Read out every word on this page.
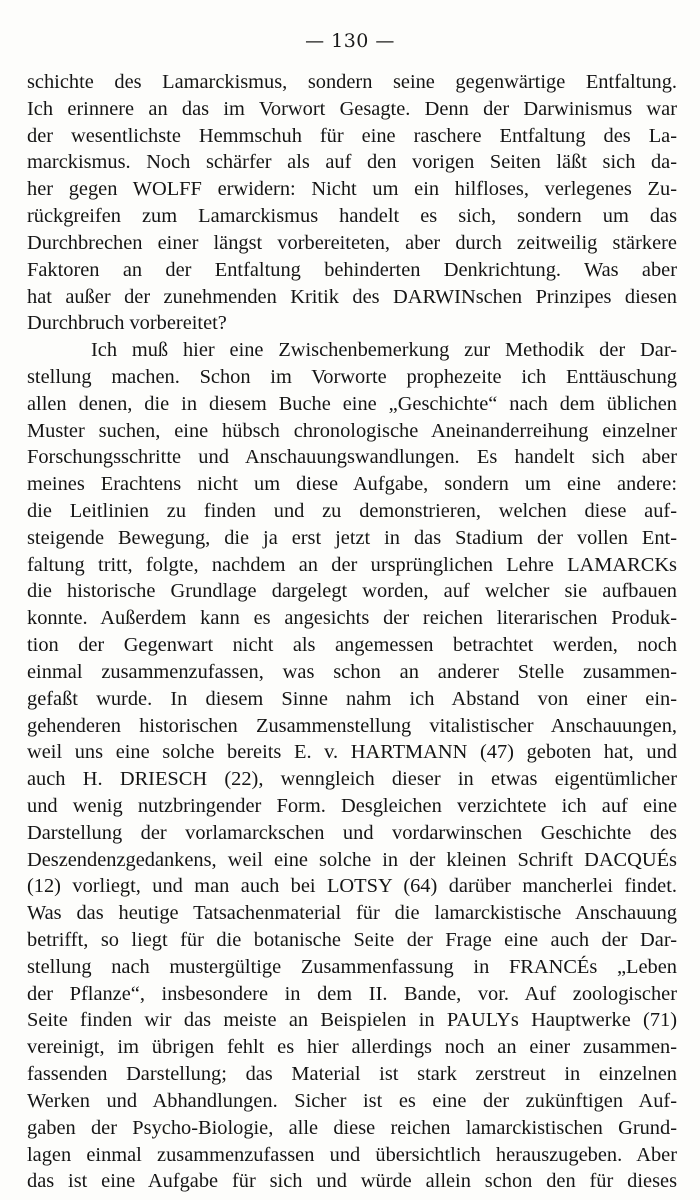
— 130 —
schichte des Lamarckismus, sondern seine gegenwärtige Entfaltung.
Ich erinnere an das im Vorwort Gesagte. Denn der Darwinismus war
der wesentlichste Hemmschuh für eine raschere Entfaltung des La-
marckismus. Noch schärfer als auf den vorigen Seiten läßt sich da-
her gegen WOLFF erwidern: Nicht um ein hilfloses, verlegenes Zu-
rückgreifen zum Lamarckismus handelt es sich, sondern um das
Durchbrechen einer längst vorbereiteten, aber durch zeitweilig stärkere
Faktoren an der Entfaltung behinderten Denkrichtung. Was aber
hat außer der zunehmenden Kritik des DARWINschen Prinzipes diesen
Durchbruch vorbereitet?
Ich muß hier eine Zwischenbemerkung zur Methodik der Dar-
stellung machen. Schon im Vorworte prophezeite ich Enttäuschung
allen denen, die in diesem Buche eine „Geschichte“ nach dem üblichen
Muster suchen, eine hübsch chronologische Aneinanderreihung einzelner
Forschungsschritte und Anschauungswandlungen. Es handelt sich aber
meines Erachtens nicht um diese Aufgabe, sondern um eine andere:
die Leitlinien zu finden und zu demonstrieren, welchen diese auf-
steigende Bewegung, die ja erst jetzt in das Stadium der vollen Ent-
faltung tritt, folgte, nachdem an der ursprünglichen Lehre LAMARCKs
die historische Grundlage dargelegt worden, auf welcher sie aufbauen
konnte. Außerdem kann es angesichts der reichen literarischen Produk-
tion der Gegenwart nicht als angemessen betrachtet werden, noch
einmal zusammenzufassen, was schon an anderer Stelle zusammen-
gefaßt wurde. In diesem Sinne nahm ich Abstand von einer ein-
gehenderen historischen Zusammenstellung vitalistischer Anschauungen,
weil uns eine solche bereits E. v. HARTMANN (47) geboten hat, und
auch H. DRIESCH (22), wenngleich dieser in etwas eigentümlicher
und wenig nutzbringender Form. Desgleichen verzichtete ich auf eine
Darstellung der vorlamarckschen und vordarwinschen Geschichte des
Deszendenzgedankens, weil eine solche in der kleinen Schrift DACQUÉs
(12) vorliegt, und man auch bei LOTSY (64) darüber mancherlei findet.
Was das heutige Tatsachenmaterial für die lamarckistische Anschauung
betrifft, so liegt für die botanische Seite der Frage eine auch der Dar-
stellung nach mustergültige Zusammenfassung in FRANCÉs „Leben
der Pflanze“, insbesondere in dem II. Bande, vor. Auf zoologischer
Seite finden wir das meiste an Beispielen in PAULYs Hauptwerke (71)
vereinigt, im übrigen fehlt es hier allerdings noch an einer zusammen-
fassenden Darstellung; das Material ist stark zerstreut in einzelnen
Werken und Abhandlungen. Sicher ist es eine der zukünftigen Auf-
gaben der Psycho-Biologie, alle diese reichen lamarckistischen Grund-
lagen einmal zusammenzufassen und übersichtlich herauszugeben. Aber
das ist eine Aufgabe für sich und würde allein schon den für dieses
